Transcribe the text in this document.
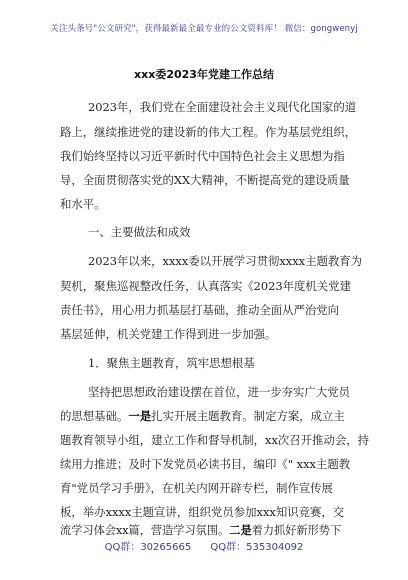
关注头条号"公文研究"，获得最新最全最专业的公文资料库！ 微信：gongwenyj
xxx委2023年党建工作总结
2023年，我们党在全面建设社会主义现代化国家的道
路上，继续推进党的建设新的伟大工程。作为基层党组织，
我们始终坚持以习近平新时代中国特色社会主义思想为指
导，全面贯彻落实党的XX大精神，不断提高党的建设质量
和水平。
一、主要做法和成效
2023年以来，xxxx委以开展学习贯彻xxxx主题教育为
契机，聚焦巡视整改任务，认真落实《2023年度机关党建
责任书》，用心用力抓基层打基础，推动全面从严治党向
基层延伸，机关党建工作得到进一步加强。
1．聚焦主题教育，筑牢思想根基
坚持把思想政治建设摆在首位，进一步夯实广大党员
的思想基础。一是扎实开展主题教育。制定方案，成立主
题教育领导小组，建立工作和督导机制，xx次召开推动会，持
续用力推进；及时下发党员必读书目，编印《" xxx主题教
育"党员学习手册》，在机关内网开辟专栏，制作宣传展
板，举办xxxx主题宣讲，组织党员参加xxx知识竞赛，交
流学习体会xx篇，营造学习氛围。二是着力抓好新形势下
QQ群：30265665 QQ群：535304092
